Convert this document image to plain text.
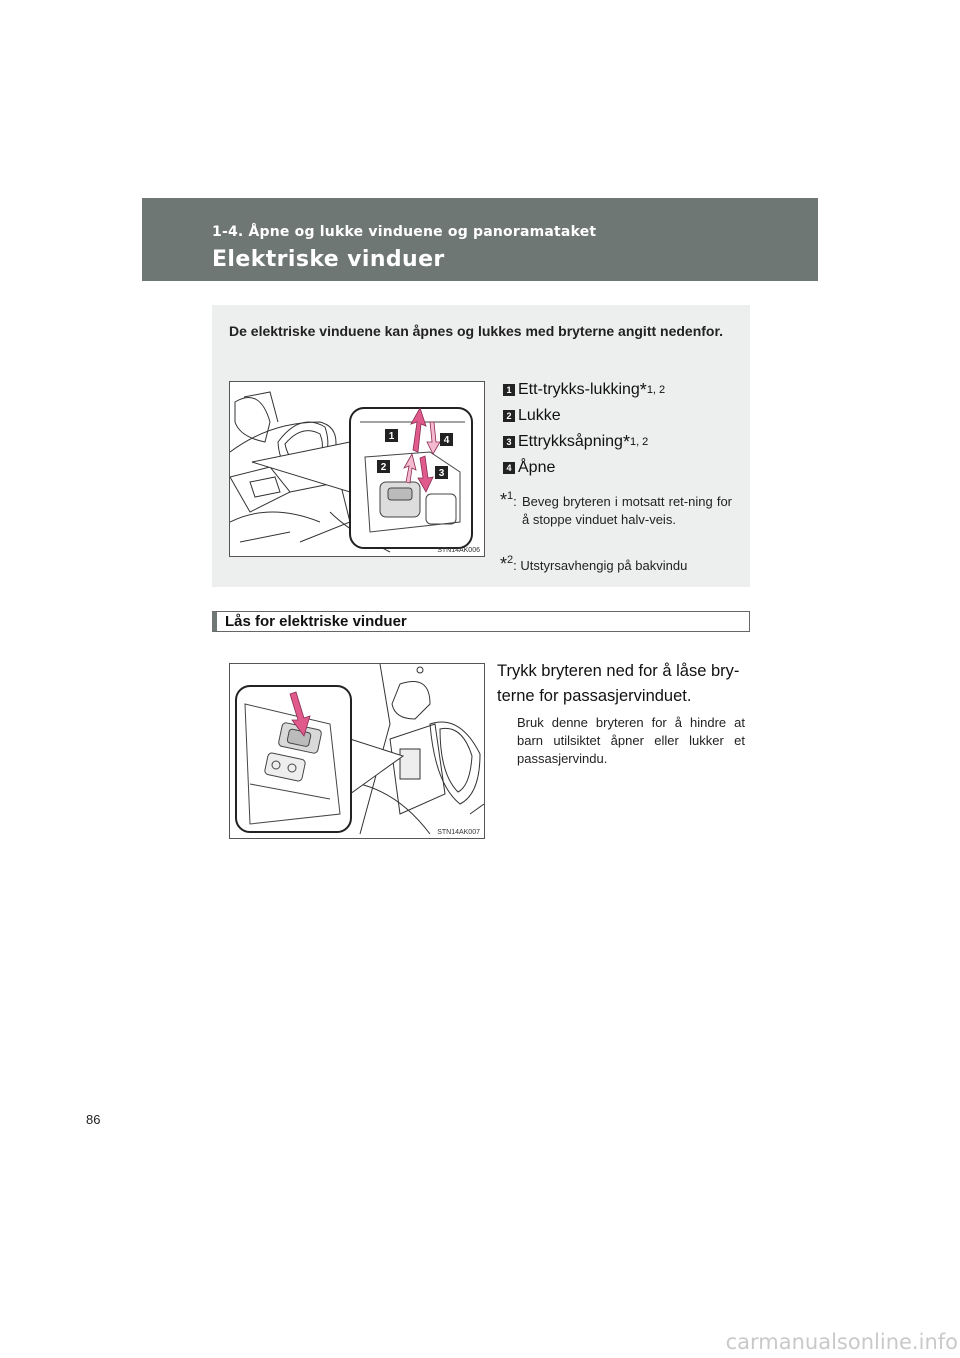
1-4. Åpne og lukke vinduene og panoramataket
Elektriske vinduer
De elektriske vinduene kan åpnes og lukkes med bryterne angitt nedenfor.
1
2
3
4
STN14AK006
1 Ett-trykks-lukking * 1, 2
2 Lukke
3 Ettrykksåpning * 1, 2
4 Åpne
*$^1$: Beveg bryteren i motsatt ret-ning for å stoppe vinduet halv-veis.
*$^2$: Utstyrsavhengig på bakvindu
Lås for elektriske vinduer
STN14AK007
Trykk bryteren ned for å låse bry-terne for passasjervinduet.
Bruk denne bryteren for å hindre at barn utilsiktet åpner eller lukker et passasjervindu.
86
carmanualsonline.info
